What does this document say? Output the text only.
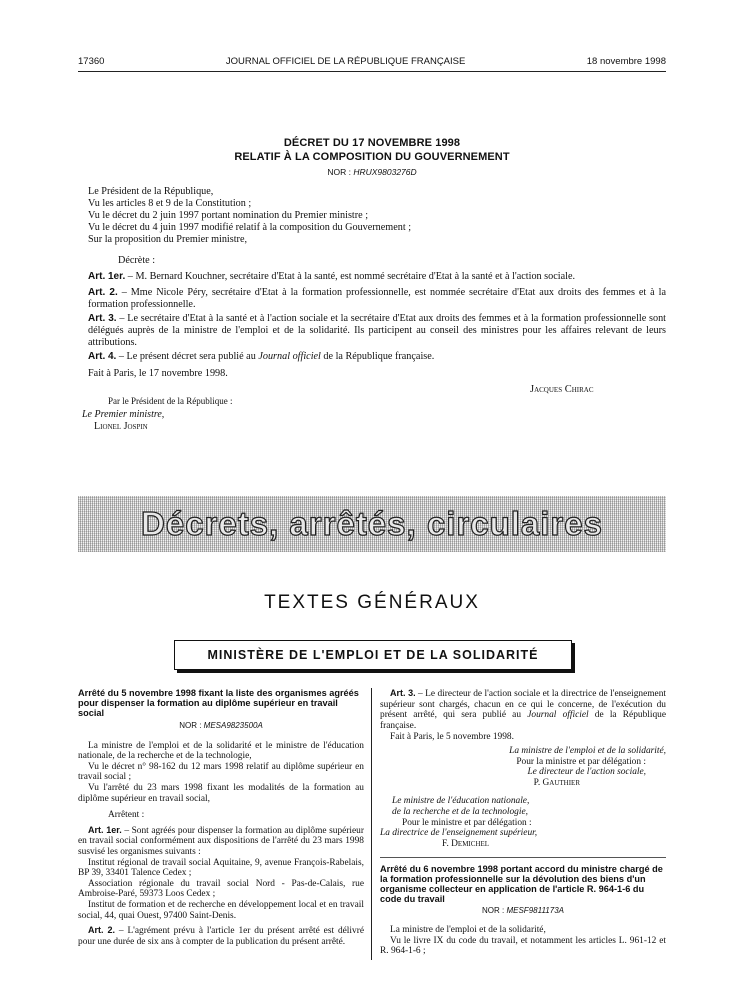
17360	JOURNAL OFFICIEL DE LA RÉPUBLIQUE FRANÇAISE	18 novembre 1998
DÉCRET DU 17 NOVEMBRE 1998
RELATIF À LA COMPOSITION DU GOUVERNEMENT
NOR : HRUX9803276D
Le Président de la République,
Vu les articles 8 et 9 de la Constitution ;
Vu le décret du 2 juin 1997 portant nomination du Premier ministre ;
Vu le décret du 4 juin 1997 modifié relatif à la composition du Gouvernement ;
Sur la proposition du Premier ministre,
Décrète :
Art. 1er. – M. Bernard Kouchner, secrétaire d'Etat à la santé, est nommé secrétaire d'Etat à la santé et à l'action sociale.
Art. 2. – Mme Nicole Péry, secrétaire d'Etat à la formation professionnelle, est nommée secrétaire d'Etat aux droits des femmes et à la formation professionnelle.
Art. 3. – Le secrétaire d'Etat à la santé et à l'action sociale et la secrétaire d'Etat aux droits des femmes et à la formation professionnelle sont délégués auprès de la ministre de l'emploi et de la solidarité. Ils participent au conseil des ministres pour les affaires relevant de leurs attributions.
Art. 4. – Le présent décret sera publié au Journal officiel de la République française.
Fait à Paris, le 17 novembre 1998.
Jacques Chirac
Par le Président de la République :
Le Premier ministre,
Lionel Jospin
Décrets, arrêtés, circulaires
TEXTES GÉNÉRAUX
MINISTÈRE DE L'EMPLOI ET DE LA SOLIDARITÉ
Arrêté du 5 novembre 1998 fixant la liste des organismes agréés pour dispenser la formation au diplôme supérieur en travail social
NOR : MESA9823500A
La ministre de l'emploi et de la solidarité et le ministre de l'éducation nationale, de la recherche et de la technologie,
Vu le décret n° 98-162 du 12 mars 1998 relatif au diplôme supérieur en travail social ;
Vu l'arrêté du 23 mars 1998 fixant les modalités de la formation au diplôme supérieur en travail social,
Arrêtent :
Art. 1er. – Sont agréés pour dispenser la formation au diplôme supérieur en travail social conformément aux dispositions de l'arrêté du 23 mars 1998 susvisé les organismes suivants :
Institut régional de travail social Aquitaine, 9, avenue François-Rabelais, BP 39, 33401 Talence Cedex ;
Association régionale du travail social Nord - Pas-de-Calais, rue Ambroise-Paré, 59373 Loos Cedex ;
Institut de formation et de recherche en développement local et en travail social, 44, quai Ouest, 97400 Saint-Denis.
Art. 2. – L'agrément prévu à l'article 1er du présent arrêté est délivré pour une durée de six ans à compter de la publication du présent arrêté.
Art. 3. – Le directeur de l'action sociale et la directrice de l'enseignement supérieur sont chargés, chacun en ce qui le concerne, de l'exécution du présent arrêté, qui sera publié au Journal officiel de la République française.
Fait à Paris, le 5 novembre 1998.
La ministre de l'emploi et de la solidarité,
Pour la ministre et par délégation :
Le directeur de l'action sociale,
P. Gauthier
Le ministre de l'éducation nationale,
de la recherche et de la technologie,
Pour le ministre et par délégation :
La directrice de l'enseignement supérieur,
F. Demichel
Arrêté du 6 novembre 1998 portant accord du ministre chargé de la formation professionnelle sur la dévolution des biens d'un organisme collecteur en application de l'article R. 964-1-6 du code du travail
NOR : MESF9811173A
La ministre de l'emploi et de la solidarité,
Vu le livre IX du code du travail, et notamment les articles L. 961-12 et R. 964-1-6 ;
